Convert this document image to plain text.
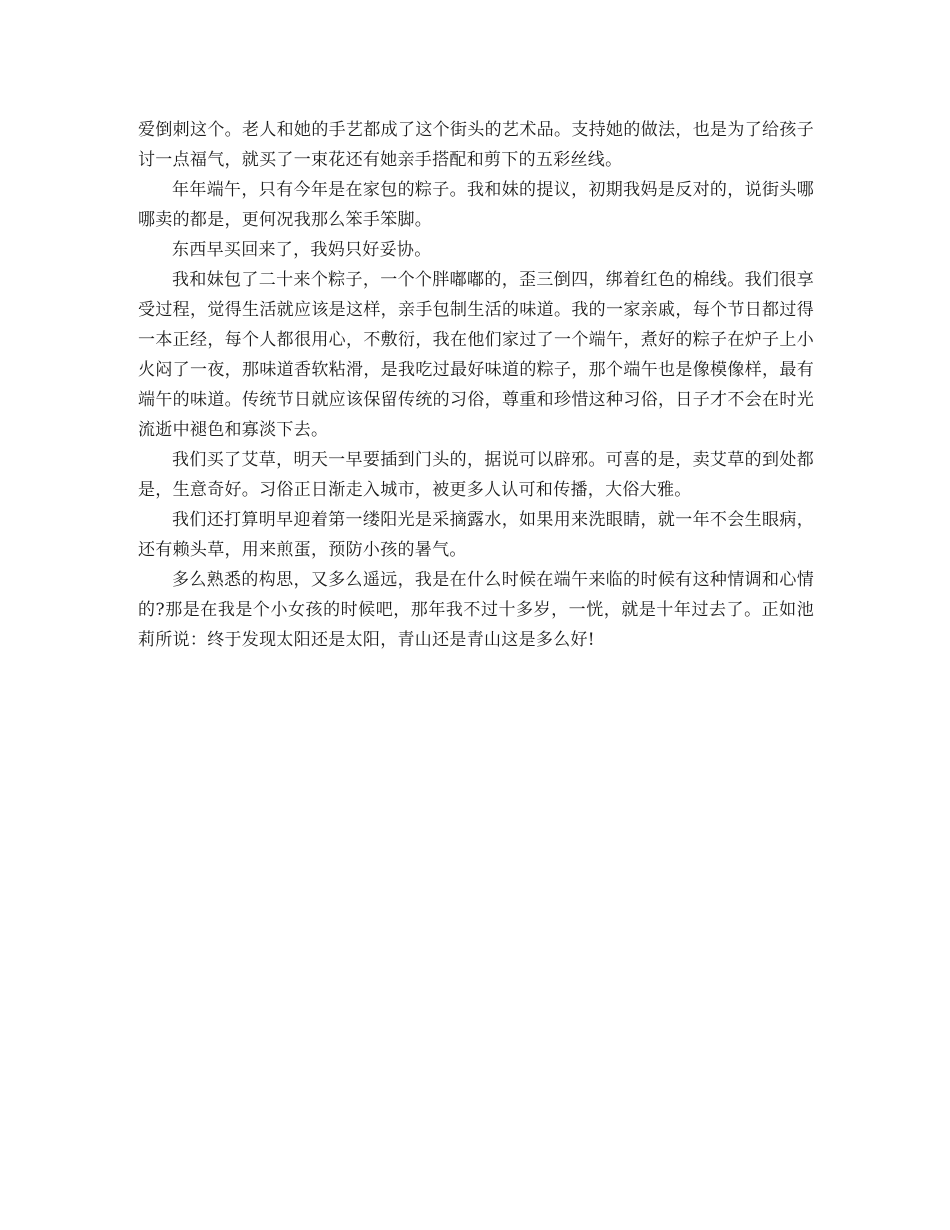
爱倒刺这个。老人和她的手艺都成了这个街头的艺术品。支持她的做法，也是为了给孩子讨一点福气，就买了一束花还有她亲手搭配和剪下的五彩丝线。

年年端午，只有今年是在家包的粽子。我和妹的提议，初期我妈是反对的，说街头哪哪卖的都是，更何况我那么笨手笨脚。

东西早买回来了，我妈只好妥协。

我和妹包了二十来个粽子，一个个胖嘟嘟的，歪三倒四，绑着红色的棉线。我们很享受过程，觉得生活就应该是这样，亲手包制生活的味道。我的一家亲戚，每个节日都过得一本正经，每个人都很用心，不敷衍，我在他们家过了一个端午，煮好的粽子在炉子上小火闷了一夜，那味道香软粘滑，是我吃过最好味道的粽子，那个端午也是像模像样，最有端午的味道。传统节日就应该保留传统的习俗，尊重和珍惜这种习俗，日子才不会在时光流逝中褪色和寡淡下去。

我们买了艾草，明天一早要插到门头的，据说可以辟邪。可喜的是，卖艾草的到处都是，生意奇好。习俗正日渐走入城市，被更多人认可和传播，大俗大雅。

我们还打算明早迎着第一缕阳光是采摘露水，如果用来洗眼睛，就一年不会生眼病，还有赖头草，用来煎蛋，预防小孩的暑气。

多么熟悉的构思，又多么遥远，我是在什么时候在端午来临的时候有这种情调和心情的?那是在我是个小女孩的时候吧，那年我不过十多岁，一恍，就是十年过去了。正如池莉所说：终于发现太阳还是太阳，青山还是青山这是多么好!
